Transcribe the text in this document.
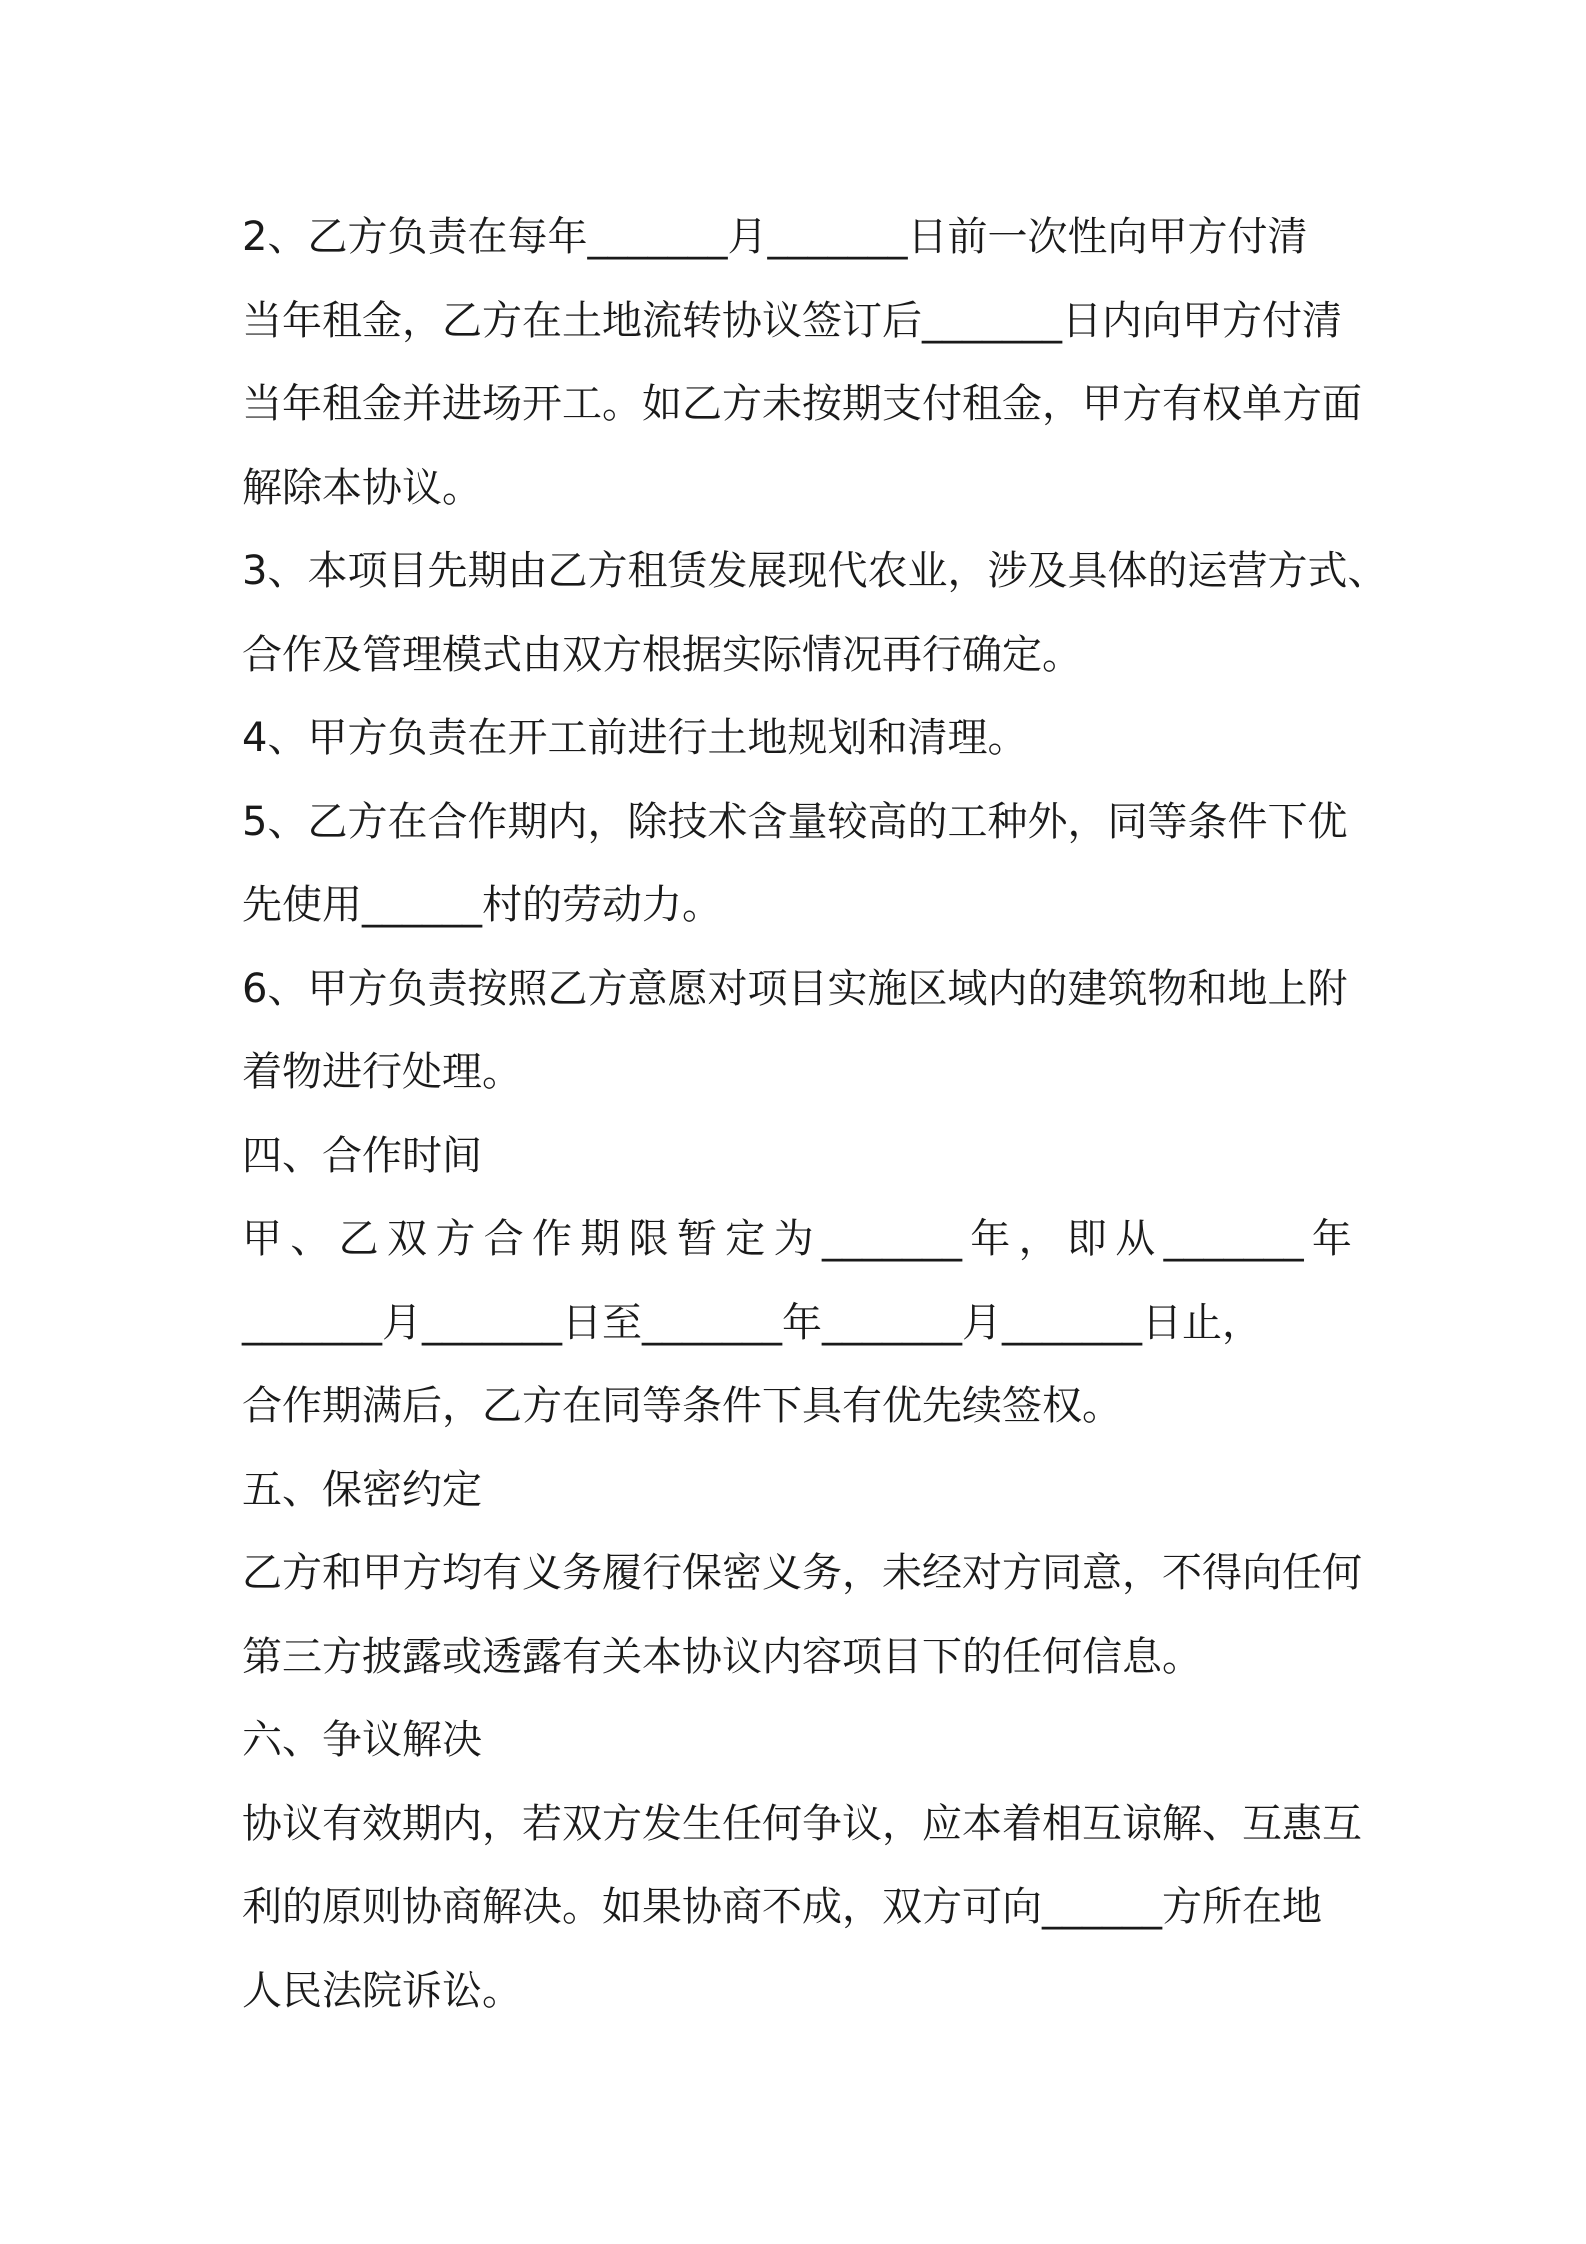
2、乙方负责在每年_______月_______日前一次性向甲方付清
当年租金，乙方在土地流转协议签订后_______日内向甲方付清
当年租金并进场开工。如乙方未按期支付租金，甲方有权单方面
解除本协议。
3、本项目先期由乙方租赁发展现代农业，涉及具体的运营方式、
合作及管理模式由双方根据实际情况再行确定。
4、甲方负责在开工前进行土地规划和清理。
5、乙方在合作期内，除技术含量较高的工种外，同等条件下优
先使用______村的劳动力。
6、甲方负责按照乙方意愿对项目实施区域内的建筑物和地上附
着物进行处理。
四、合作时间
甲 、 乙 双 方 合 作 期 限 暂 定 为 _______ 年 ， 即 从 _______ 年
_______月_______日至_______年_______月_______日止，
合作期满后，乙方在同等条件下具有优先续签权。
五、保密约定
乙方和甲方均有义务履行保密义务，未经对方同意，不得向任何
第三方披露或透露有关本协议内容项目下的任何信息。
六、争议解决
协议有效期内，若双方发生任何争议，应本着相互谅解、互惠互
利的原则协商解决。如果协商不成，双方可向______方所在地
人民法院诉讼。
